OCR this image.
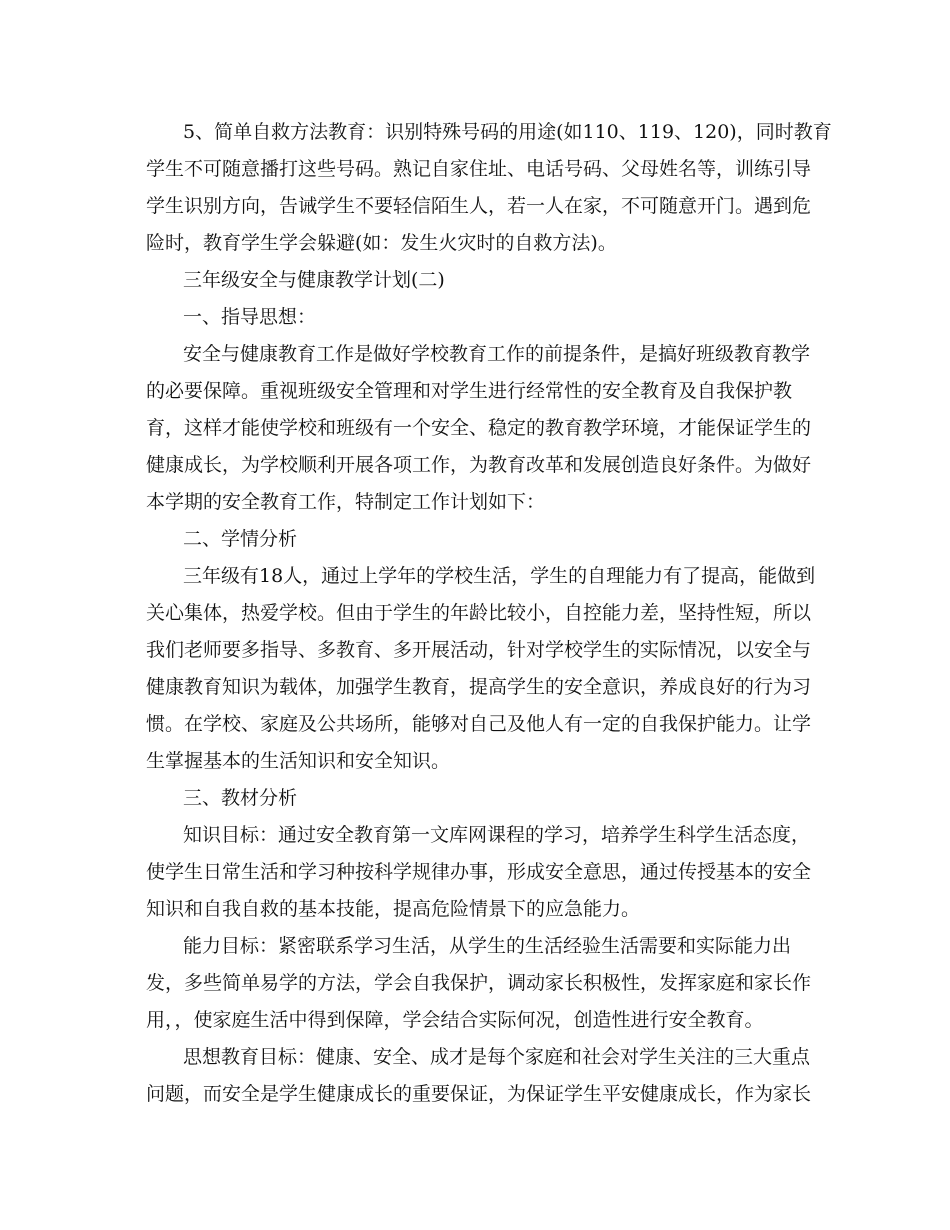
5、简单自救方法教育：识别特殊号码的用途(如110、119、120)，同时教育
学生不可随意播打这些号码。熟记自家住址、电话号码、父母姓名等，训练引导
学生识别方向，告诫学生不要轻信陌生人，若一人在家，不可随意开门。遇到危
险时，教育学生学会躲避(如：发生火灾时的自救方法)。
三年级安全与健康教学计划(二)
一、指导思想：
安全与健康教育工作是做好学校教育工作的前提条件，是搞好班级教育教学
的必要保障。重视班级安全管理和对学生进行经常性的安全教育及自我保护教
育，这样才能使学校和班级有一个安全、稳定的教育教学环境，才能保证学生的
健康成长，为学校顺利开展各项工作，为教育改革和发展创造良好条件。为做好
本学期的安全教育工作，特制定工作计划如下：
二、学情分析
三年级有18人，通过上学年的学校生活，学生的自理能力有了提高，能做到
关心集体，热爱学校。但由于学生的年龄比较小，自控能力差，坚持性短，所以
我们老师要多指导、多教育、多开展活动，针对学校学生的实际情况，以安全与
健康教育知识为载体，加强学生教育，提高学生的安全意识，养成良好的行为习
惯。在学校、家庭及公共场所，能够对自己及他人有一定的自我保护能力。让学
生掌握基本的生活知识和安全知识。
三、教材分析
知识目标：通过安全教育第一文库网课程的学习，培养学生科学生活态度，
使学生日常生活和学习种按科学规律办事，形成安全意思，通过传授基本的安全
知识和自我自救的基本技能，提高危险情景下的应急能力。
能力目标：紧密联系学习生活，从学生的生活经验生活需要和实际能力出
发，多些简单易学的方法，学会自我保护，调动家长积极性，发挥家庭和家长作
用，，使家庭生活中得到保障，学会结合实际何况，创造性进行安全教育。
思想教育目标：健康、安全、成才是每个家庭和社会对学生关注的三大重点
问题，而安全是学生健康成长的重要保证，为保证学生平安健康成长，作为家长
